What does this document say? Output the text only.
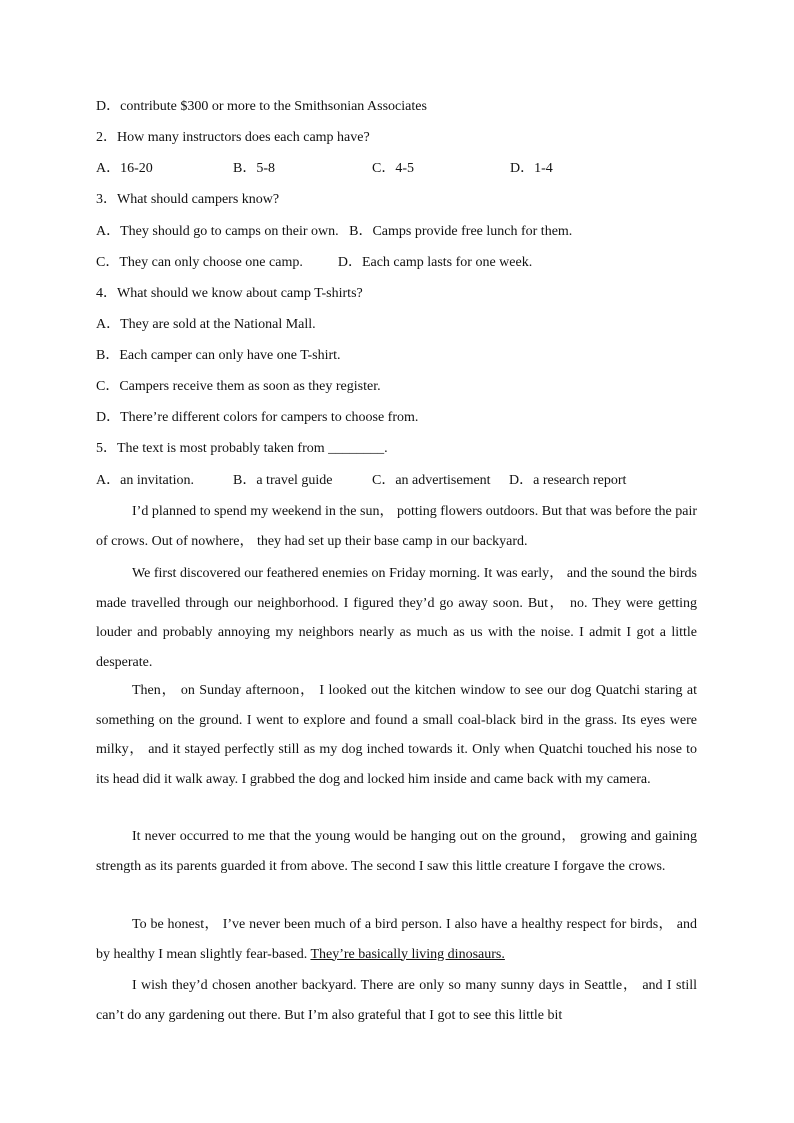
D．contribute $300 or more to the Smithsonian Associates
2．How many instructors does each camp have?
A．16-20	B．5-8	C．4-5	D．1-4
3．What should campers know?
A．They should go to camps on their own.   B．Camps provide free lunch for them.
C．They can only choose one camp.          D．Each camp lasts for one week.
4．What should we know about camp T-shirts?
A．They are sold at the National Mall.
B．Each camper can only have one T-shirt.
C．Campers receive them as soon as they register.
D．There’re different colors for campers to choose from.
5．The text is most probably taken from ________.
A．an invitation.	B．a travel guide	C．an advertisement D．a research report
I’d planned to spend my weekend in the sun， potting flowers outdoors. But that was before the pair of crows. Out of nowhere， they had set up their base camp in our backyard.
We first discovered our feathered enemies on Friday morning. It was early， and the sound the birds made travelled through our neighborhood. I figured they’d go away soon. But， no. They were getting louder and probably annoying my neighbors nearly as much as us with the noise. I admit I got a little desperate.
Then， on Sunday afternoon， I looked out the kitchen window to see our dog Quatchi staring at something on the ground. I went to explore and found a small coal-black bird in the grass. Its eyes were milky， and it stayed perfectly still as my dog inched towards it. Only when Quatchi touched his nose to its head did it walk away. I grabbed the dog and locked him inside and came back with my camera.
It never occurred to me that the young would be hanging out on the ground， growing and gaining strength as its parents guarded it from above. The second I saw this little creature I forgave the crows.
To be honest， I’ve never been much of a bird person. I also have a healthy respect for birds， and by healthy I mean slightly fear-based. They’re basically living dinosaurs.
I wish they’d chosen another backyard. There are only so many sunny days in Seattle， and I still can’t do any gardening out there. But I’m also grateful that I got to see this little bit
